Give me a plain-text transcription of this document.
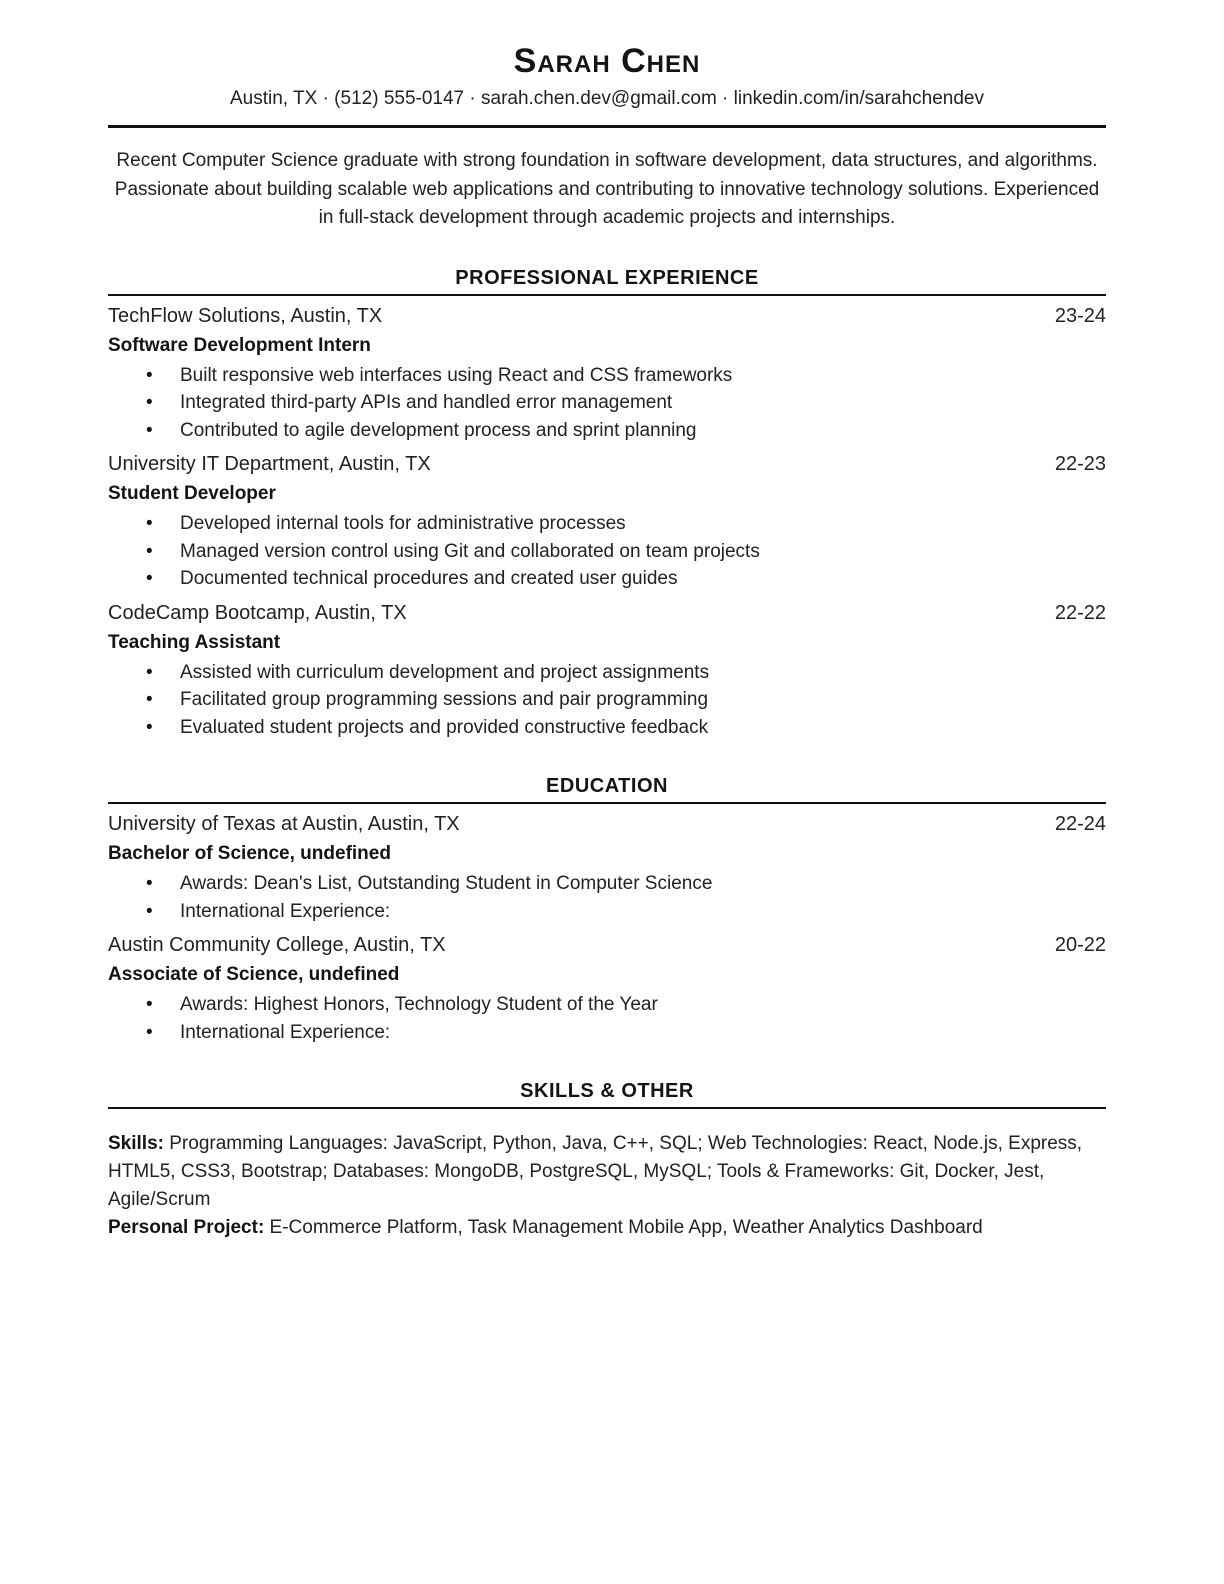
Sarah Chen
Austin, TX · (512) 555-0147 · sarah.chen.dev@gmail.com · linkedin.com/in/sarahchendev

Recent Computer Science graduate with strong foundation in software development, data structures, and algorithms. Passionate about building scalable web applications and contributing to innovative technology solutions. Experienced in full-stack development through academic projects and internships.

PROFESSIONAL EXPERIENCE
TechFlow Solutions, Austin, TX	23-24
Software Development Intern
• Built responsive web interfaces using React and CSS frameworks
• Integrated third-party APIs and handled error management
• Contributed to agile development process and sprint planning
University IT Department, Austin, TX	22-23
Student Developer
• Developed internal tools for administrative processes
• Managed version control using Git and collaborated on team projects
• Documented technical procedures and created user guides
CodeCamp Bootcamp, Austin, TX	22-22
Teaching Assistant
• Assisted with curriculum development and project assignments
• Facilitated group programming sessions and pair programming
• Evaluated student projects and provided constructive feedback
EDUCATION
University of Texas at Austin, Austin, TX	22-24
Bachelor of Science, undefined
• Awards: Dean's List, Outstanding Student in Computer Science
• International Experience:
Austin Community College, Austin, TX	20-22
Associate of Science, undefined
• Awards: Highest Honors, Technology Student of the Year
• International Experience:
SKILLS & OTHER
Skills: Programming Languages: JavaScript, Python, Java, C++, SQL; Web Technologies: React, Node.js, Express, HTML5, CSS3, Bootstrap; Databases: MongoDB, PostgreSQL, MySQL; Tools & Frameworks: Git, Docker, Jest, Agile/Scrum
Personal Project: E-Commerce Platform, Task Management Mobile App, Weather Analytics Dashboard
